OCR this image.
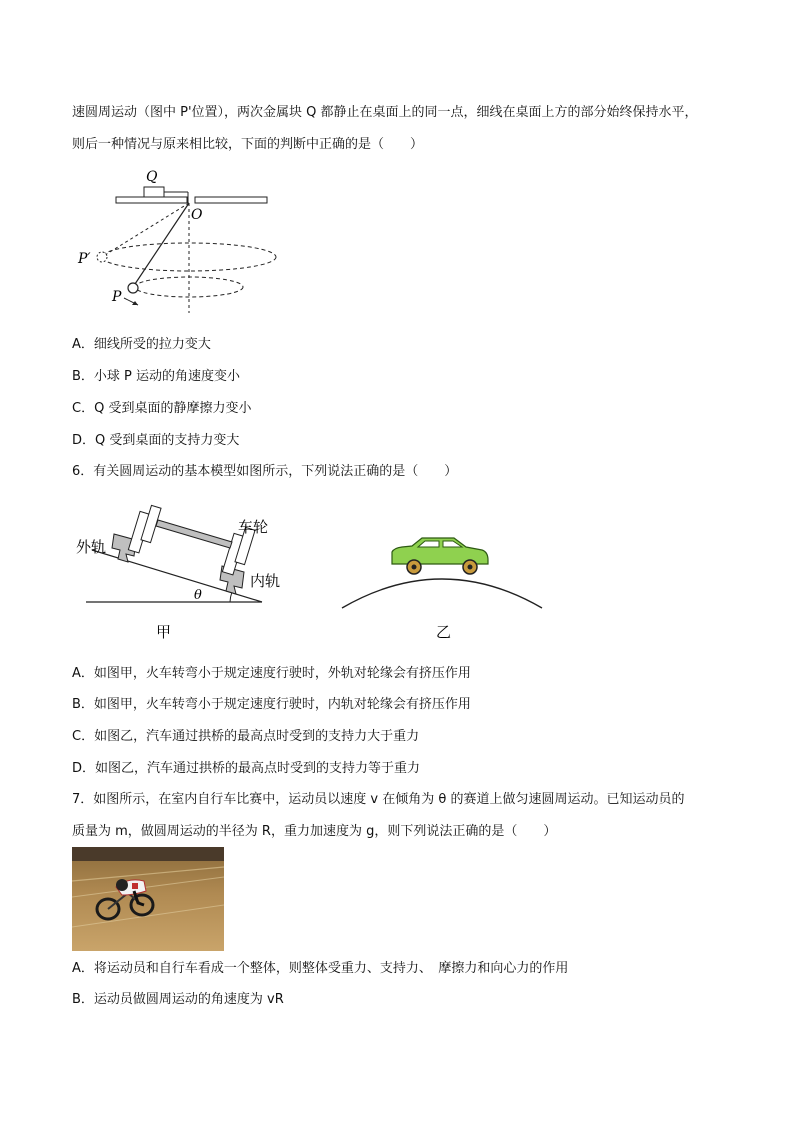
速圆周运动（图中 P'位置），两次金属块 Q 都静止在桌面上的同一点，细线在桌面上方的部分始终保持水平，
则后一种情况与原来相比较，下面的判断中正确的是（　　）
Q
O
P′
P
A．细线所受的拉力变大
B．小球 P 运动的角速度变小
C．Q 受到桌面的静摩擦力变小
D．Q 受到桌面的支持力变大
6．有关圆周运动的基本模型如图所示，下列说法正确的是（　　）
θ
外轨
车轮
内轨
甲	乙
A．如图甲，火车转弯小于规定速度行驶时，外轨对轮缘会有挤压作用
B．如图甲，火车转弯小于规定速度行驶时，内轨对轮缘会有挤压作用
C．如图乙，汽车通过拱桥的最高点时受到的支持力大于重力
D．如图乙，汽车通过拱桥的最高点时受到的支持力等于重力
7．如图所示，在室内自行车比赛中，运动员以速度 v 在倾角为 θ 的赛道上做匀速圆周运动。已知运动员的
质量为 m，做圆周运动的半径为 R，重力加速度为 g，则下列说法正确的是（　　）
A．将运动员和自行车看成一个整体，则整体受重力、支持力、　摩擦力和向心力的作用
B．运动员做圆周运动的角速度为 vR
